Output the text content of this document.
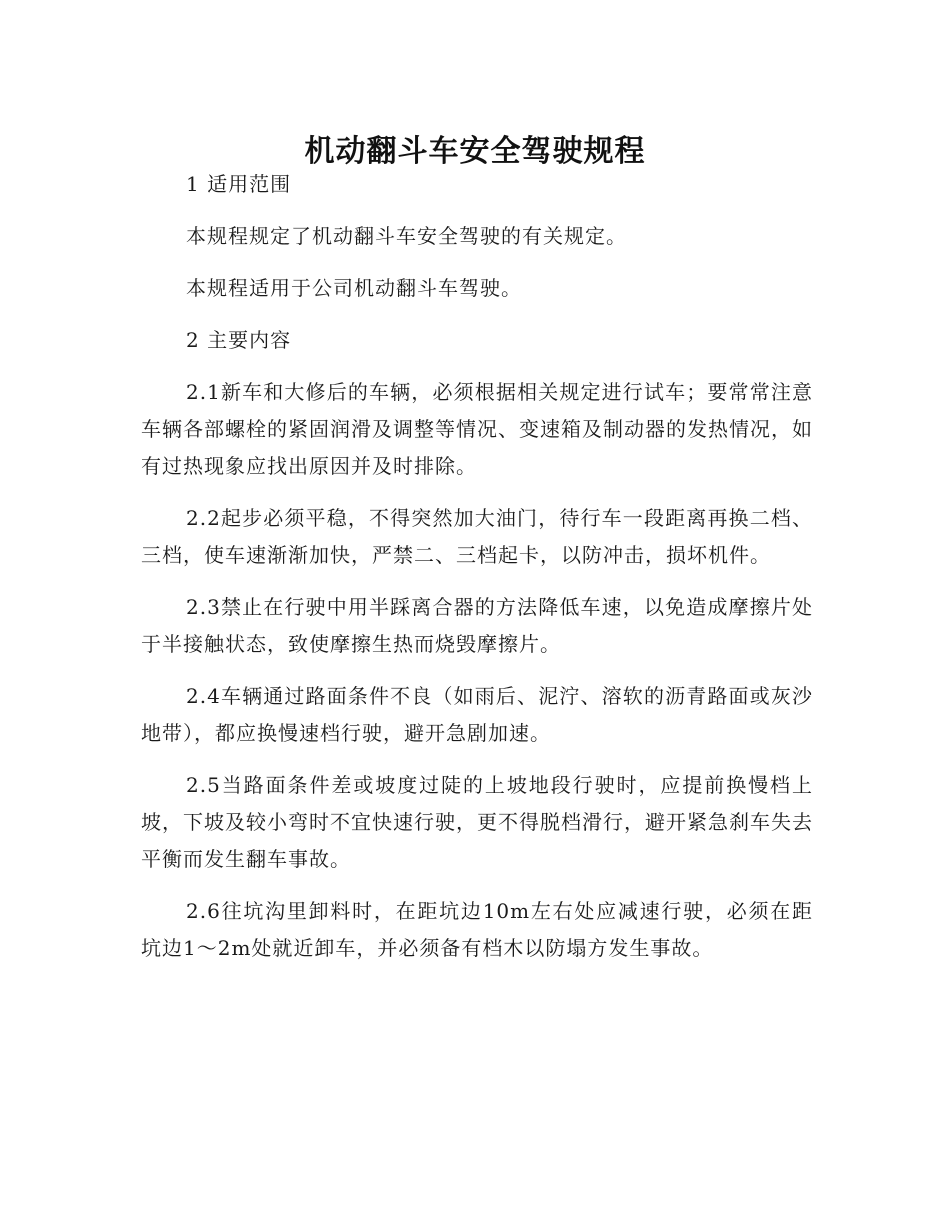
机动翻斗车安全驾驶规程

1 适用范围

本规程规定了机动翻斗车安全驾驶的有关规定。

本规程适用于公司机动翻斗车驾驶。

2 主要内容

2.1新车和大修后的车辆，必须根据相关规定进行试车；要常常注意车辆各部螺栓的紧固润滑及调整等情况、变速箱及制动器的发热情况，如有过热现象应找出原因并及时排除。

2.2起步必须平稳，不得突然加大油门，待行车一段距离再换二档、三档，使车速渐渐加快，严禁二、三档起卡，以防冲击，损坏机件。

2.3禁止在行驶中用半踩离合器的方法降低车速，以免造成摩擦片处于半接触状态，致使摩擦生热而烧毁摩擦片。

2.4车辆通过路面条件不良（如雨后、泥泞、溶软的沥青路面或灰沙地带），都应换慢速档行驶，避开急剧加速。

2.5当路面条件差或坡度过陡的上坡地段行驶时，应提前换慢档上坡，下坡及较小弯时不宜快速行驶，更不得脱档滑行，避开紧急刹车失去平衡而发生翻车事故。

2.6往坑沟里卸料时，在距坑边10m左右处应减速行驶，必须在距坑边1～2m处就近卸车，并必须备有档木以防塌方发生事故。
